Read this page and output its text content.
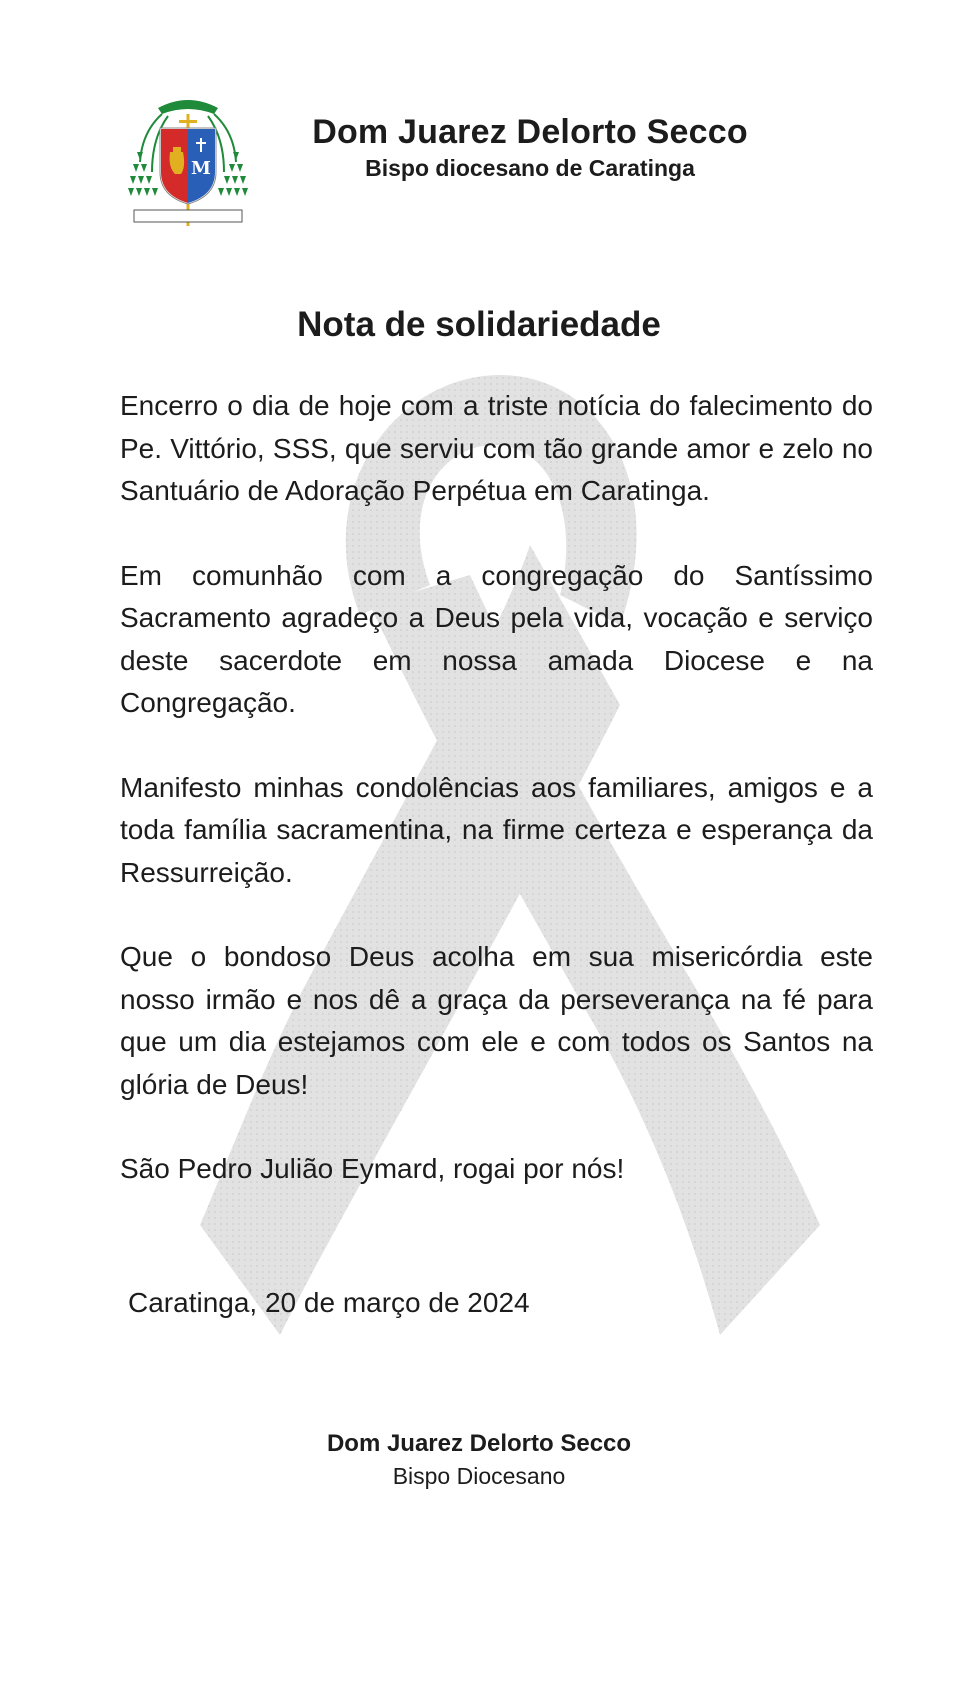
M

Dom Juarez Delorto Secco

Bispo diocesano de Caratinga

Nota de solidariedade

Encerro o dia de hoje com a triste notícia do falecimento do Pe. Vittório, SSS, que serviu com tão grande amor e zelo no Santuário de Adoração Perpétua em Caratinga.

Em comunhão com a congregação do Santíssimo Sacramento agradeço a Deus pela vida, vocação e serviço deste sacerdote em nossa amada Diocese e na Congregação.

Manifesto minhas condolências aos familiares, amigos e a toda família sacramentina, na firme certeza e esperança da Ressurreição.

Que o bondoso Deus acolha em sua misericórdia este nosso irmão e nos dê a graça da perseverança na fé para que um dia estejamos com ele e com todos os Santos na glória de Deus!

São Pedro Julião Eymard, rogai por nós!

Caratinga, 20 de março de 2024

Dom Juarez Delorto Secco

Bispo Diocesano
